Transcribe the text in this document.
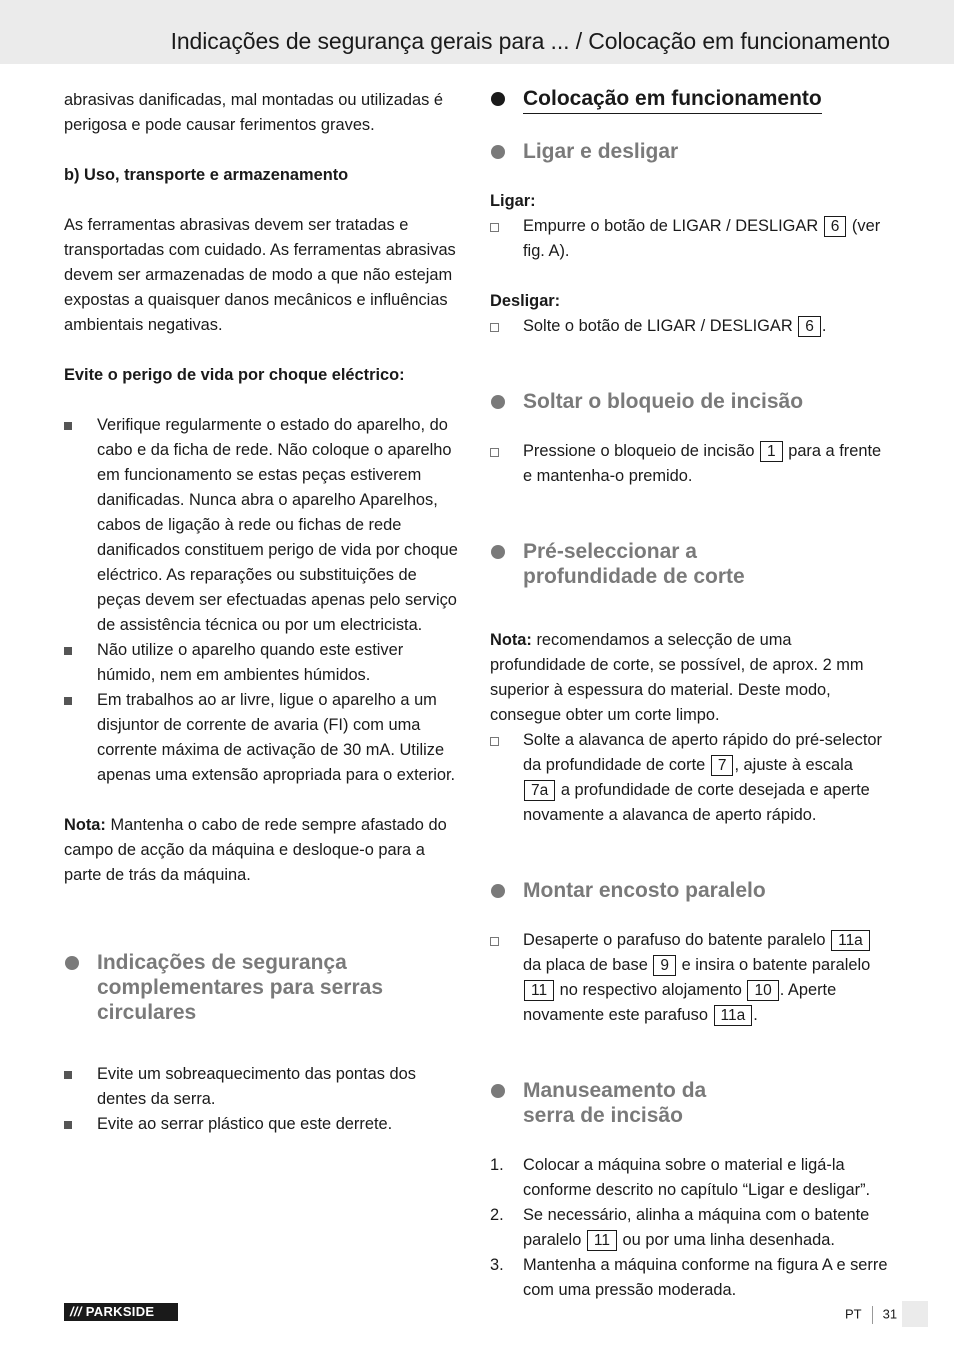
Indicações de segurança gerais para ... / Colocação em funcionamento

abrasivas danificadas, mal montadas ou utilizadas é perigosa e pode causar ferimentos graves.

b) Uso, transporte e armazenamento

As ferramentas abrasivas devem ser tratadas e transportadas com cuidado. As ferramentas abrasivas devem ser armazenadas de modo a que não estejam expostas a quaisquer danos mecânicos e influências ambientais negativas.

Evite o perigo de vida por choque eléctrico:

Verifique regularmente o estado do aparelho, do cabo e da ficha de rede. Não coloque o aparelho em funcionamento se estas peças estiverem danificadas. Nunca abra o aparelho Aparelhos, cabos de ligação à rede ou fichas de rede danificados constituem perigo de vida por choque eléctrico. As reparações ou substituições de peças devem ser efectuadas apenas pelo serviço de assistência técnica ou por um electricista.
Não utilize o aparelho quando este estiver húmido, nem em ambientes húmidos.
Em trabalhos ao ar livre, ligue o aparelho a um disjuntor de corrente de avaria (FI) com uma corrente máxima de activação de 30 mA. Utilize apenas uma extensão apropriada para o exterior.

Nota: Mantenha o cabo de rede sempre afastado do campo de acção da máquina e desloque-o para a parte de trás da máquina.

Indicações de segurança complementares para serras circulares
Evite um sobreaquecimento das pontas dos dentes da serra.
Evite ao serrar plástico que este derrete.
Colocação em funcionamento
Ligar e desligar

Ligar:

Empurre o botão de LIGAR / DESLIGAR 6 (ver fig. A).

Desligar:

Solte o botão de LIGAR / DESLIGAR 6 .
Soltar o bloqueio de incisão
Pressione o bloqueio de incisão 1 para a frente e mantenha-o premido.
Pré-seleccionar a profundidade de corte

Nota: recomendamos a selecção de uma profundidade de corte, se possível, de aprox. 2 mm superior à espessura do material. Deste modo, consegue obter um corte limpo.

Solte a alavanca de aperto rápido do pré-selector da profundidade de corte 7 , ajuste à escala 7a a profundidade de corte desejada e aperte novamente a alavanca de aperto rápido.
Montar encosto paralelo
Desaperte o parafuso do batente paralelo 11a da placa de base 9 e insira o batente paralelo 11 no respectivo alojamento 10 . Aperte novamente este parafuso 11a .
Manuseamento da serra de incisão
1. Colocar a máquina sobre o material e ligá-la conforme descrito no capítulo “Ligar e desligar”.
2. Se necessário, alinha a máquina com o batente paralelo 11 ou por uma linha desenhada.
3. Mantenha a máquina conforme na figura A e serre com uma pressão moderada.
/// PARKSIDE	PT 31
